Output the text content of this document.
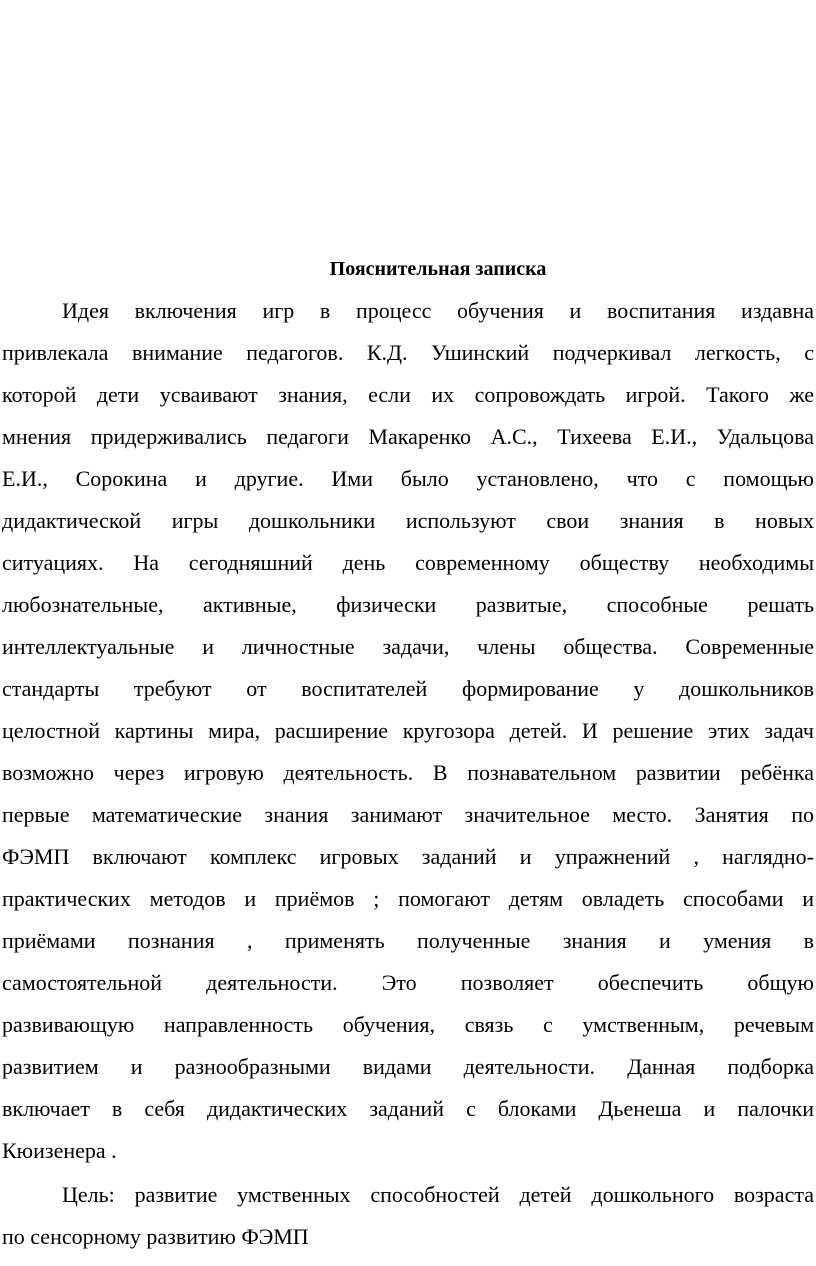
Пояснительная записка
Идея включения игр в процесс обучения и воспитания издавна
привлекала внимание педагогов. К.Д. Ушинский подчеркивал легкость, с
которой дети усваивают знания, если их сопровождать игрой. Такого же
мнения придерживались педагоги Макаренко А.С., Тихеева Е.И., Удальцова
Е.И., Сорокина и другие. Ими было установлено, что с помощью
дидактической игры дошкольники используют свои знания в новых
ситуациях. На сегодняшний день современному обществу необходимы
любознательные, активные, физически развитые, способные решать
интеллектуальные и личностные задачи, члены общества. Современные
стандарты требуют от воспитателей формирование у дошкольников
целостной картины мира, расширение кругозора детей. И решение этих задач
возможно через игровую деятельность. В познавательном развитии ребёнка
первые математические знания занимают значительное место. Занятия по
ФЭМП включают комплекс игровых заданий и упражнений , наглядно-
практических методов и приёмов ; помогают детям овладеть способами и
приёмами познания , применять полученные знания и умения в
самостоятельной деятельности. Это позволяет обеспечить общую
развивающую направленность обучения, связь с умственным, речевым
развитием и разнообразными видами деятельности. Данная подборка
включает в себя дидактических заданий с блоками Дьенеша и палочки
Кюизенера .
Цель: развитие умственных способностей детей дошкольного возраста
по сенсорному развитию ФЭМП
